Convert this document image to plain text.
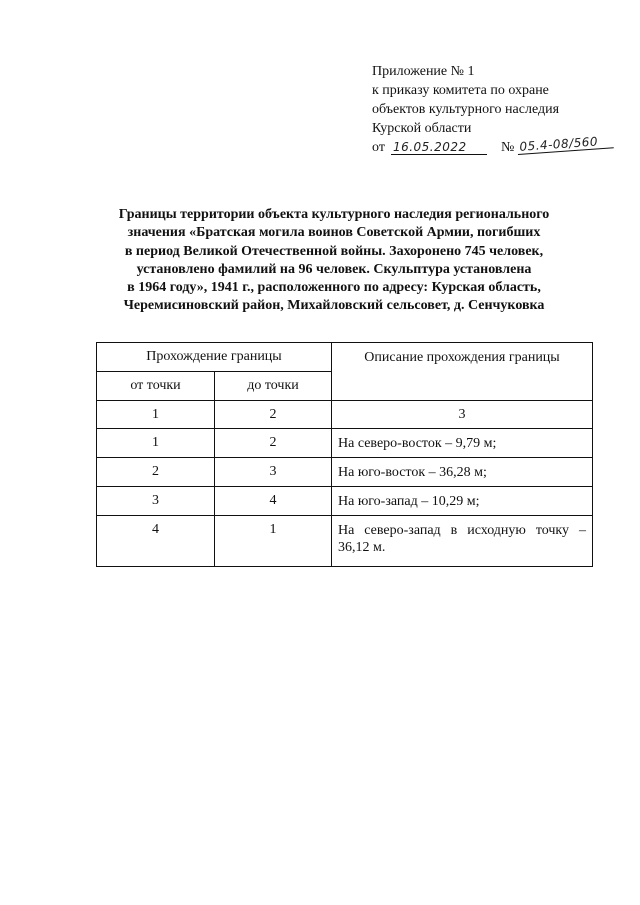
Приложение № 1
к приказу комитета по охране
объектов культурного наследия
Курской области
от 16.05.2022	№ 05.4-08/560
Границы территории объекта культурного наследия регионального
значения «Братская могила воинов Советской Армии, погибших
в период Великой Отечественной войны. Захоронено 745 человек,
установлено фамилий на 96 человек. Скульптура установлена
в 1964 году», 1941 г., расположенного по адресу: Курская область,
Черемисиновский район, Михайловский сельсовет, д. Сенчуковка
Прохождение границы		Описание прохождения границы
от точки	до точки	
1	2	3
1	2	На северо-восток – 9,79 м;
2	3	На юго-восток – 36,28 м;
3	4	На юго-запад – 10,29 м;
4	1	На северо-запад в исходную точку – 36,12 м.
